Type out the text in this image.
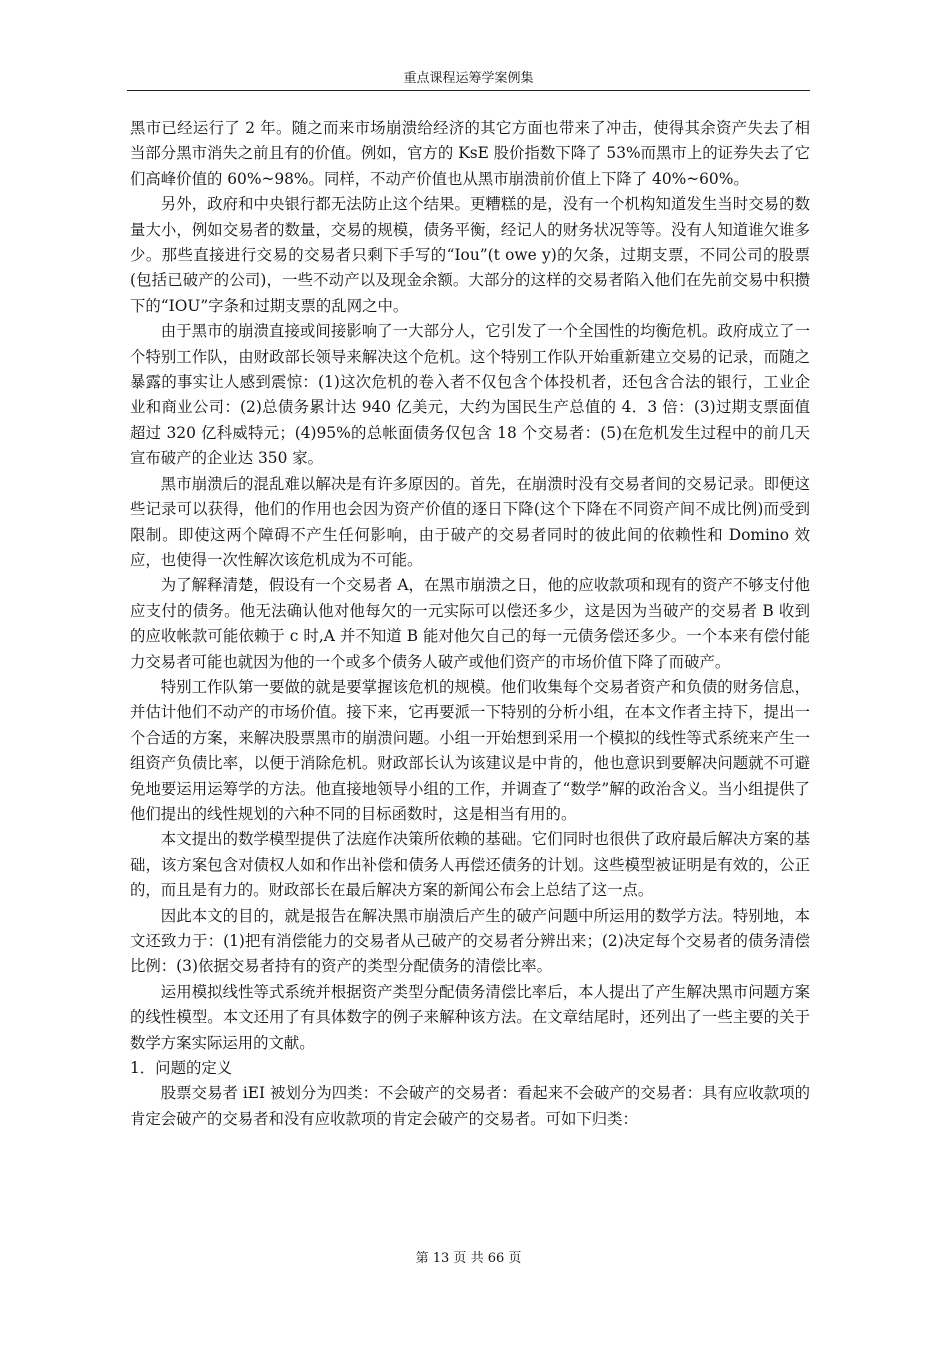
重点课程运筹学案例集

黑市已经运行了 2 年。随之而来市场崩溃给经济的其它方面也带来了冲击，使得其余资产失去了相当部分黑市消失之前且有的价值。例如，官方的 KsE 股价指数下降了 53%而黑市上的证券失去了它们高峰价值的 60%~98%。同样，不动产价值也从黑市崩溃前价值上下降了 40%~60%。

另外，政府和中央银行都无法防止这个结果。更糟糕的是，没有一个机构知道发生当时交易的数量大小，例如交易者的数量，交易的规模，债务平衡，经记人的财务状况等等。没有人知道谁欠谁多少。那些直接进行交易的交易者只剩下手写的“Iou”(t owe y)的欠条，过期支票，不同公司的股票(包括已破产的公司)，一些不动产以及现金余额。大部分的这样的交易者陷入他们在先前交易中积攒下的“IOU”字条和过期支票的乱网之中。

由于黑市的崩溃直接或间接影响了一大部分人，它引发了一个全国性的均衡危机。政府成立了一个特别工作队，由财政部长领导来解决这个危机。这个特别工作队开始重新建立交易的记录，而随之暴露的事实让人感到震惊：(1)这次危机的卷入者不仅包含个体投机者，还包含合法的银行，工业企业和商业公司：(2)总债务累计达 940 亿美元，大约为国民生产总值的 4．3 倍：(3)过期支票面值超过 320 亿科威特元；(4)95%的总帐面债务仅包含 18 个交易者：(5)在危机发生过程中的前几天宣布破产的企业达 350 家。

黑市崩溃后的混乱难以解决是有许多原因的。首先，在崩溃时没有交易者间的交易记录。即便这些记录可以获得，他们的作用也会因为资产价值的逐日下降(这个下降在不同资产间不成比例)而受到限制。即使这两个障碍不产生任何影响，由于破产的交易者同时的彼此间的依赖性和 Domino 效应，也使得一次性解次该危机成为不可能。

为了解释清楚，假设有一个交易者 A，在黑市崩溃之日，他的应收款项和现有的资产不够支付他应支付的债务。他无法确认他对他每欠的一元实际可以偿还多少，这是因为当破产的交易者 B 收到的应收帐款可能依赖于 c 时,A 并不知道 B 能对他欠自己的每一元债务偿还多少。一个本来有偿付能力交易者可能也就因为他的一个或多个债务人破产或他们资产的市场价值下降了而破产。

特别工作队第一要做的就是要掌握该危机的规模。他们收集每个交易者资产和负债的财务信息，并估计他们不动产的市场价值。接下来，它再要派一下特别的分析小组，在本文作者主持下，提出一个合适的方案，来解决股票黑市的崩溃问题。小组一开始想到采用一个模拟的线性等式系统来产生一组资产负债比率，以便于消除危机。财政部长认为该建议是中肯的，他也意识到要解决问题就不可避免地要运用运筹学的方法。他直接地领导小组的工作，并调查了“数学”解的政治含义。当小组提供了他们提出的线性规划的六种不同的目标函数时，这是相当有用的。

本文提出的数学模型提供了法庭作决策所依赖的基础。它们同时也很供了政府最后解决方案的基础，该方案包含对债权人如和作出补偿和债务人再偿还债务的计划。这些模型被证明是有效的，公正的，而且是有力的。财政部长在最后解决方案的新闻公布会上总结了这一点。

因此本文的目的，就是报告在解决黑市崩溃后产生的破产问题中所运用的数学方法。特别地，本文还致力于：(1)把有消偿能力的交易者从己破产的交易者分辨出来；(2)决定每个交易者的债务清偿比例：(3)依据交易者持有的资产的类型分配债务的清偿比率。

运用模拟线性等式系统并根据资产类型分配债务清偿比率后，本人提出了产生解决黑市问题方案的线性模型。本文还用了有具体数字的例子来解种该方法。在文章结尾时，还列出了一些主要的关于数学方案实际运用的文献。

1．问题的定义

股票交易者 iEI 被划分为四类：不会破产的交易者：看起来不会破产的交易者：具有应收款项的肯定会破产的交易者和没有应收款项的肯定会破产的交易者。可如下归类：

第 13 页 共 66 页
